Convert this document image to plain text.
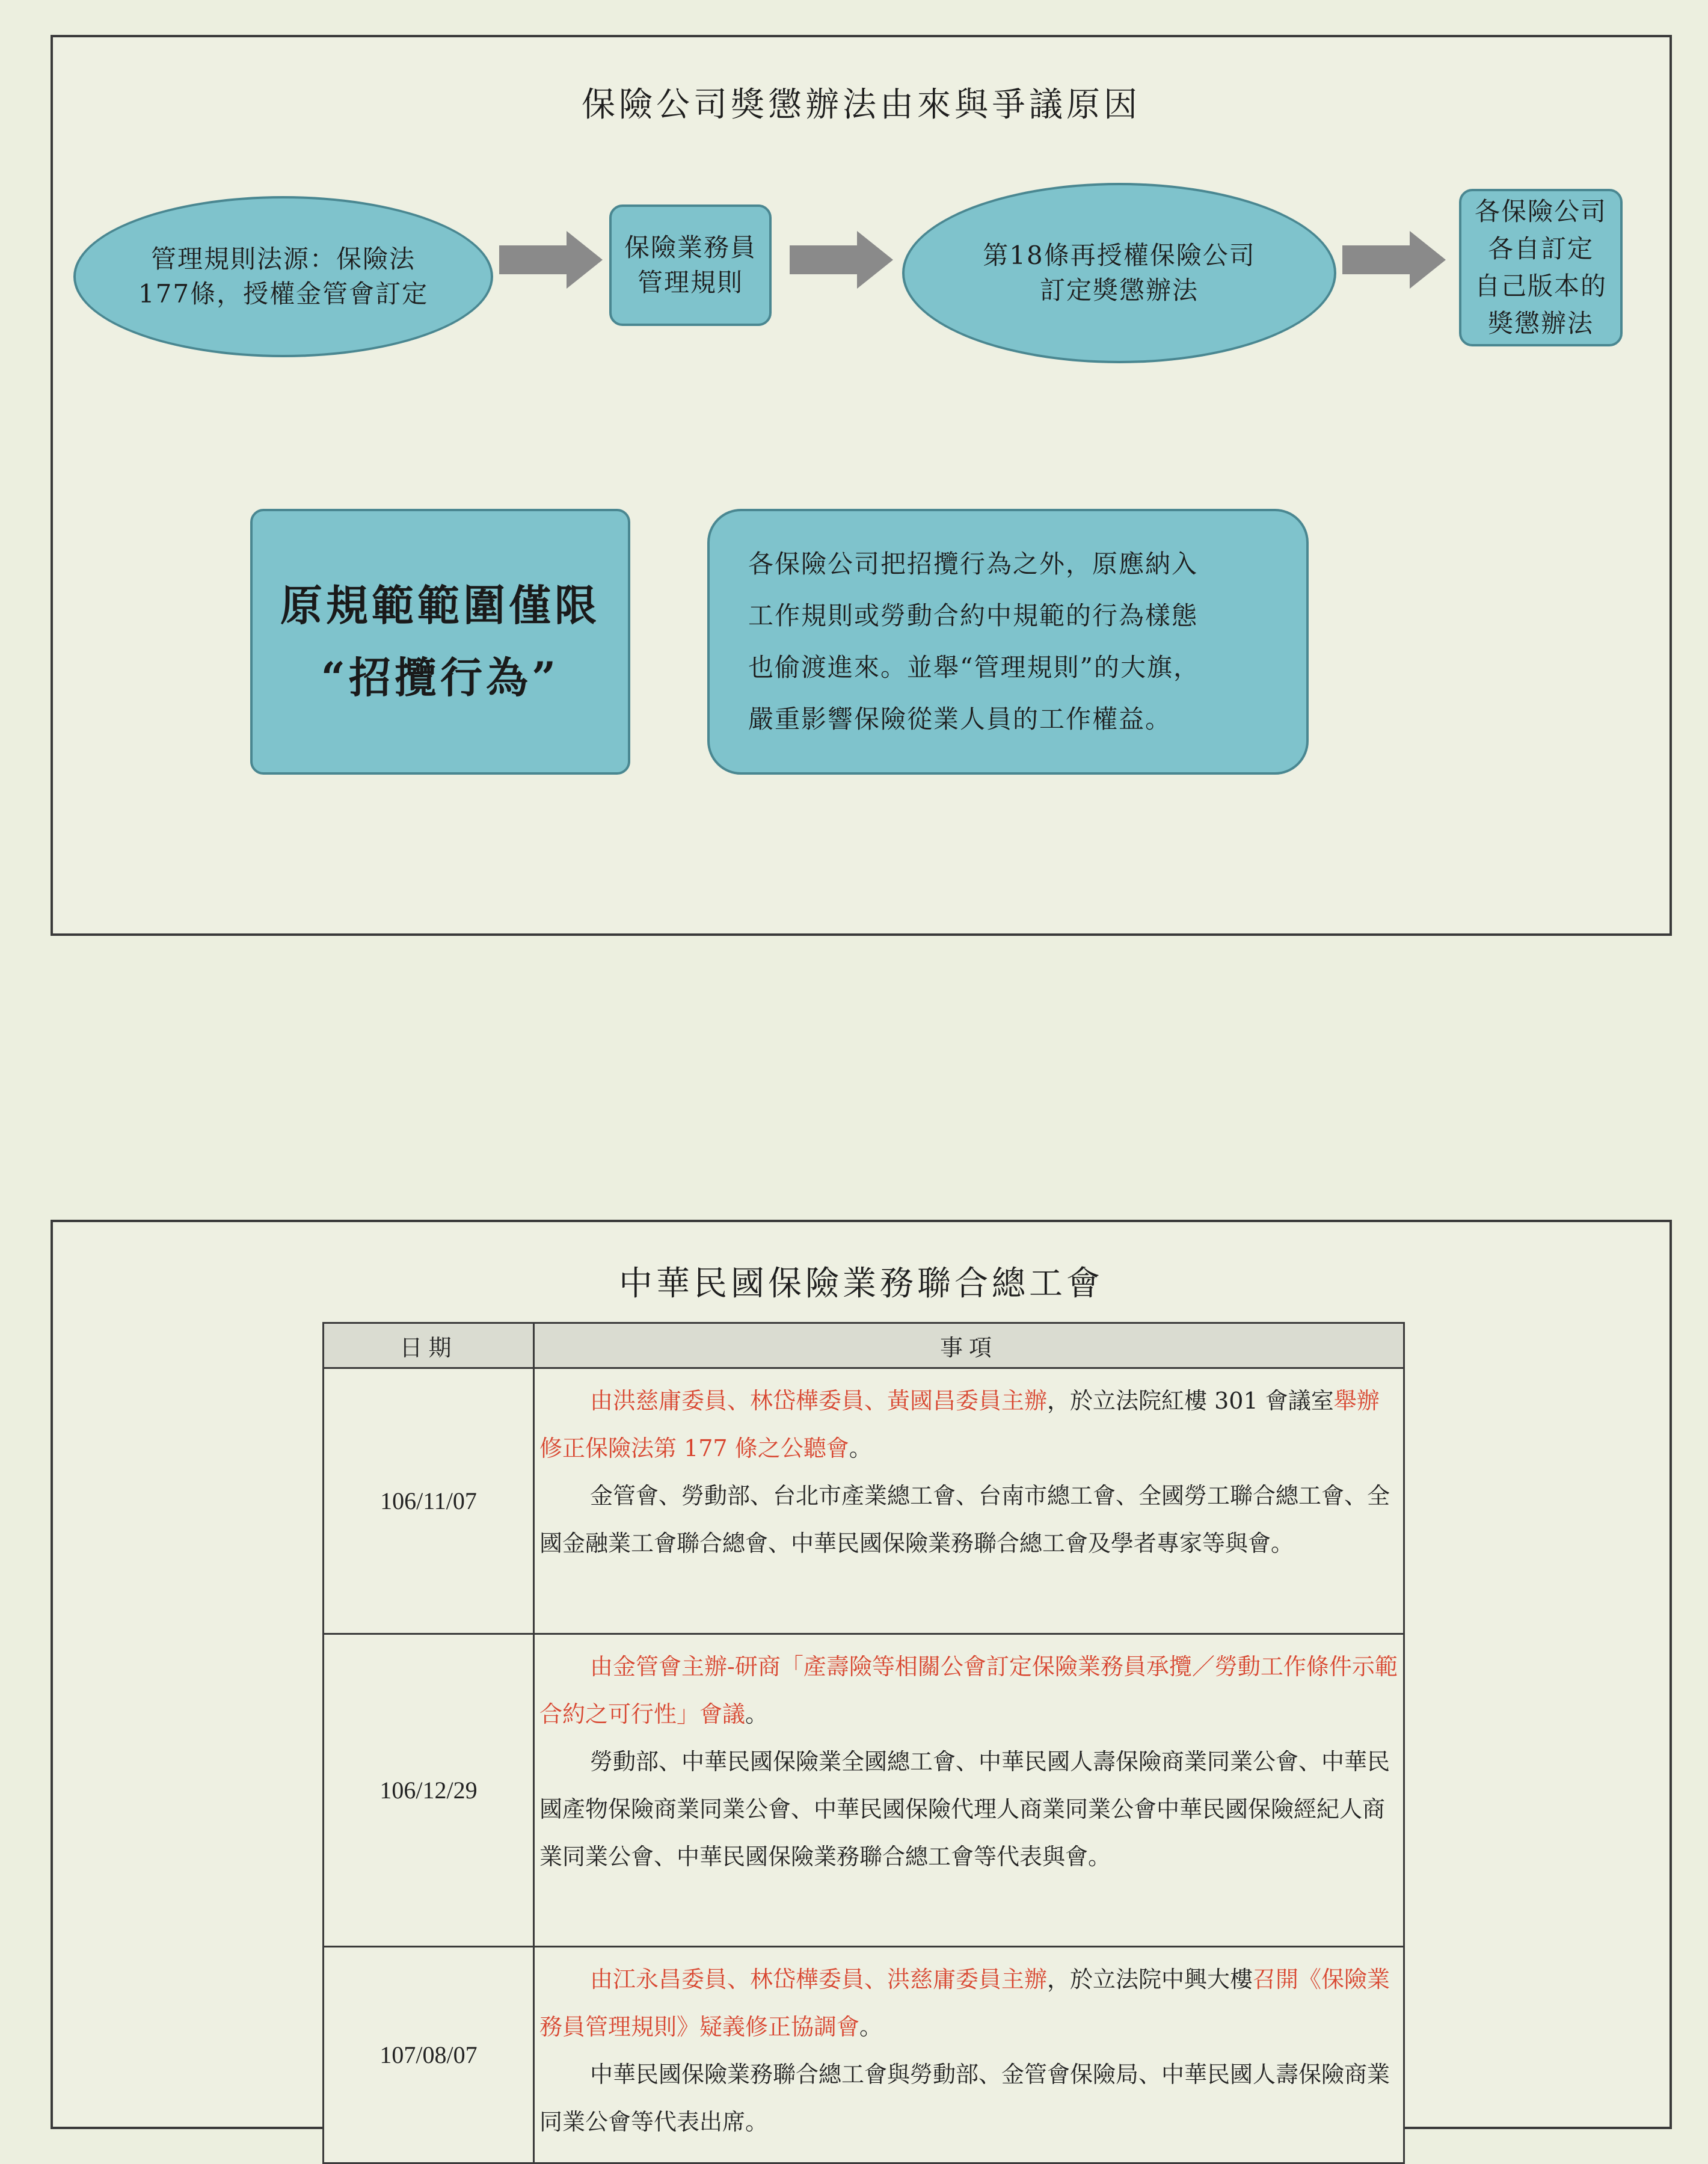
保險公司獎懲辦法由來與爭議原因
管理規則法源：保險法
177條，授權金管會訂定
保險業務員
管理規則
第18條再授權保險公司
訂定獎懲辦法
各保險公司
各自訂定
自己版本的
獎懲辦法
原規範範圍僅限
“招攬行為”
各保險公司把招攬行為之外，原應納入
工作規則或勞動合約中規範的行為樣態
也偷渡進來。並舉“管理規則”的大旗，
嚴重影響保險從業人員的工作權益。
中華民國保險業務聯合總工會
日期	事項
106/11/07	由洪慈庸委員、林岱樺委員、黃國昌委員主辦，於立法院紅樓 301 會議室舉辦修正保險法第 177 條之公聽會。

金管會、勞動部、台北市產業總工會、台南市總工會、全國勞工聯合總工會、全國金融業工會聯合總會、中華民國保險業務聯合總工會及學者專家等與會。

106/12/29	由金管會主辦-研商「產壽險等相關公會訂定保險業務員承攬／勞動工作條件示範合約之可行性」會議。

勞動部、中華民國保險業全國總工會、中華民國人壽保險商業同業公會、中華民國產物保險商業同業公會、中華民國保險代理人商業同業公會中華民國保險經紀人商業同業公會、中華民國保險業務聯合總工會等代表與會。

107/08/07	由江永昌委員、林岱樺委員、洪慈庸委員主辦，於立法院中興大樓召開《保險業務員管理規則》疑義修正協調會。

中華民國保險業務聯合總工會與勞動部、金管會保險局、中華民國人壽保險商業同業公會等代表出席。
